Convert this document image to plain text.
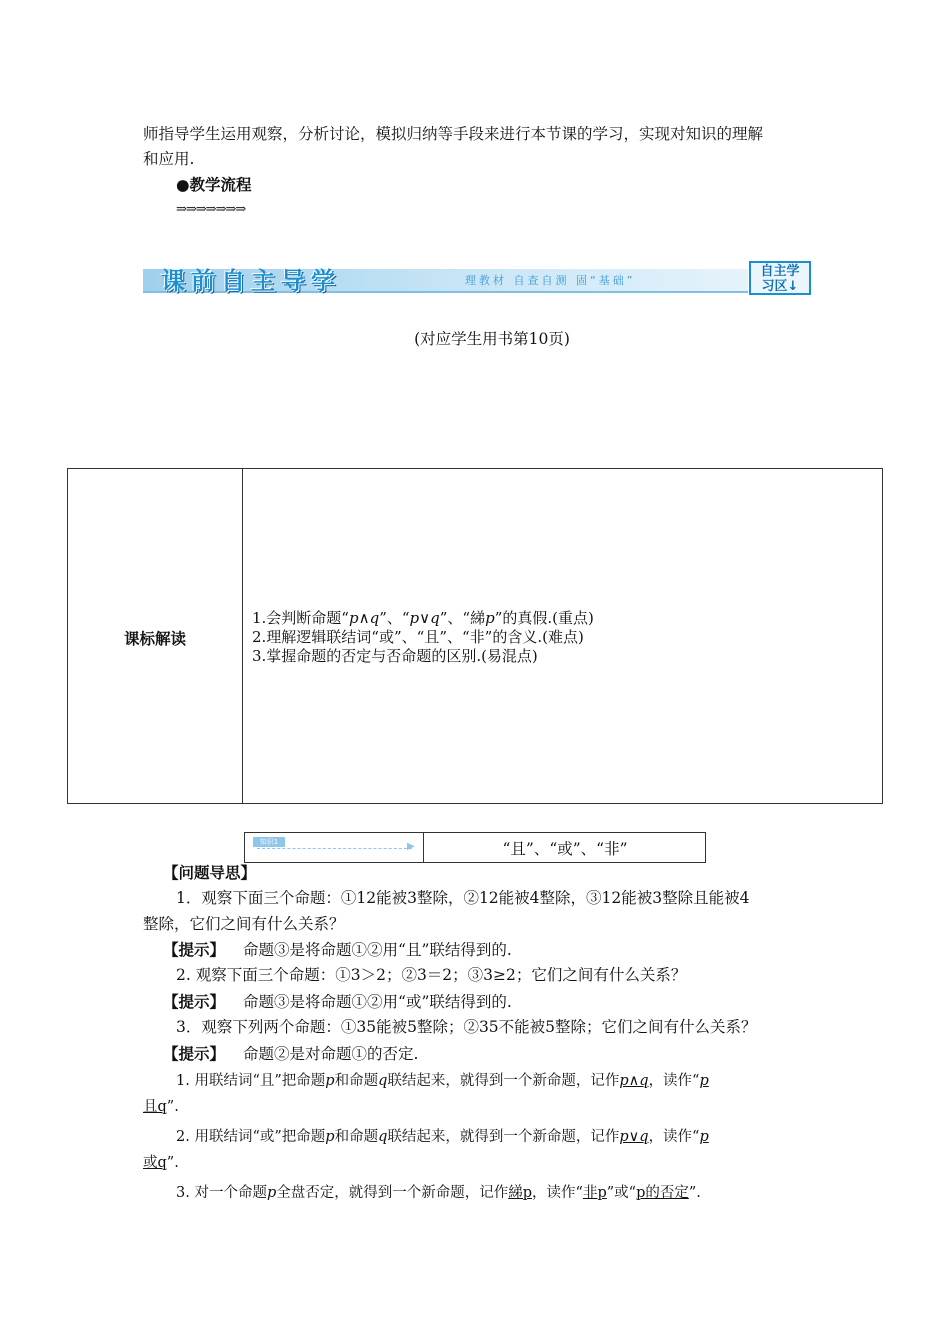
师指导学生运用观察，分析讨论，模拟归纳等手段来进行本节课的学习，实现对知识的理解
和应用.
●教学流程
⇒⇒⇒⇒⇒⇒⇒
课前自主导学	理教材 自查自测 固“基础”
自主学
习区↓
(对应学生用书第10页)
课标解读
1.会判断命题“p∧q”、“p∨q”、“綈p”的真假.(重点)
2.理解逻辑联结词“或”、“且”、“非”的含义.(难点)
3.掌握命题的否定与否命题的区别.(易混点)
知识1	▶	“且”、“或”、“非”
【问题导思】
1．观察下面三个命题：①12能被3整除，②12能被4整除，③12能被3整除且能被4
整除，它们之间有什么关系？
【提示】 命题③是将命题①②用“且”联结得到的.
2. 观察下面三个命题：①3＞2；②3＝2；③3≥2；它们之间有什么关系？
【提示】 命题③是将命题①②用“或”联结得到的.
3．观察下列两个命题：①35能被5整除；②35不能被5整除；它们之间有什么关系？
【提示】 命题②是对命题①的否定.
1. 用联结词“且”把命题p和命题q联结起来，就得到一个新命题，记作p∧q，读作“p
且q”.
2. 用联结词“或”把命题p和命题q联结起来，就得到一个新命题，记作p∨q，读作“p
或q”.
3. 对一个命题p全盘否定，就得到一个新命题，记作綈p，读作“非p”或“p的否定”.
